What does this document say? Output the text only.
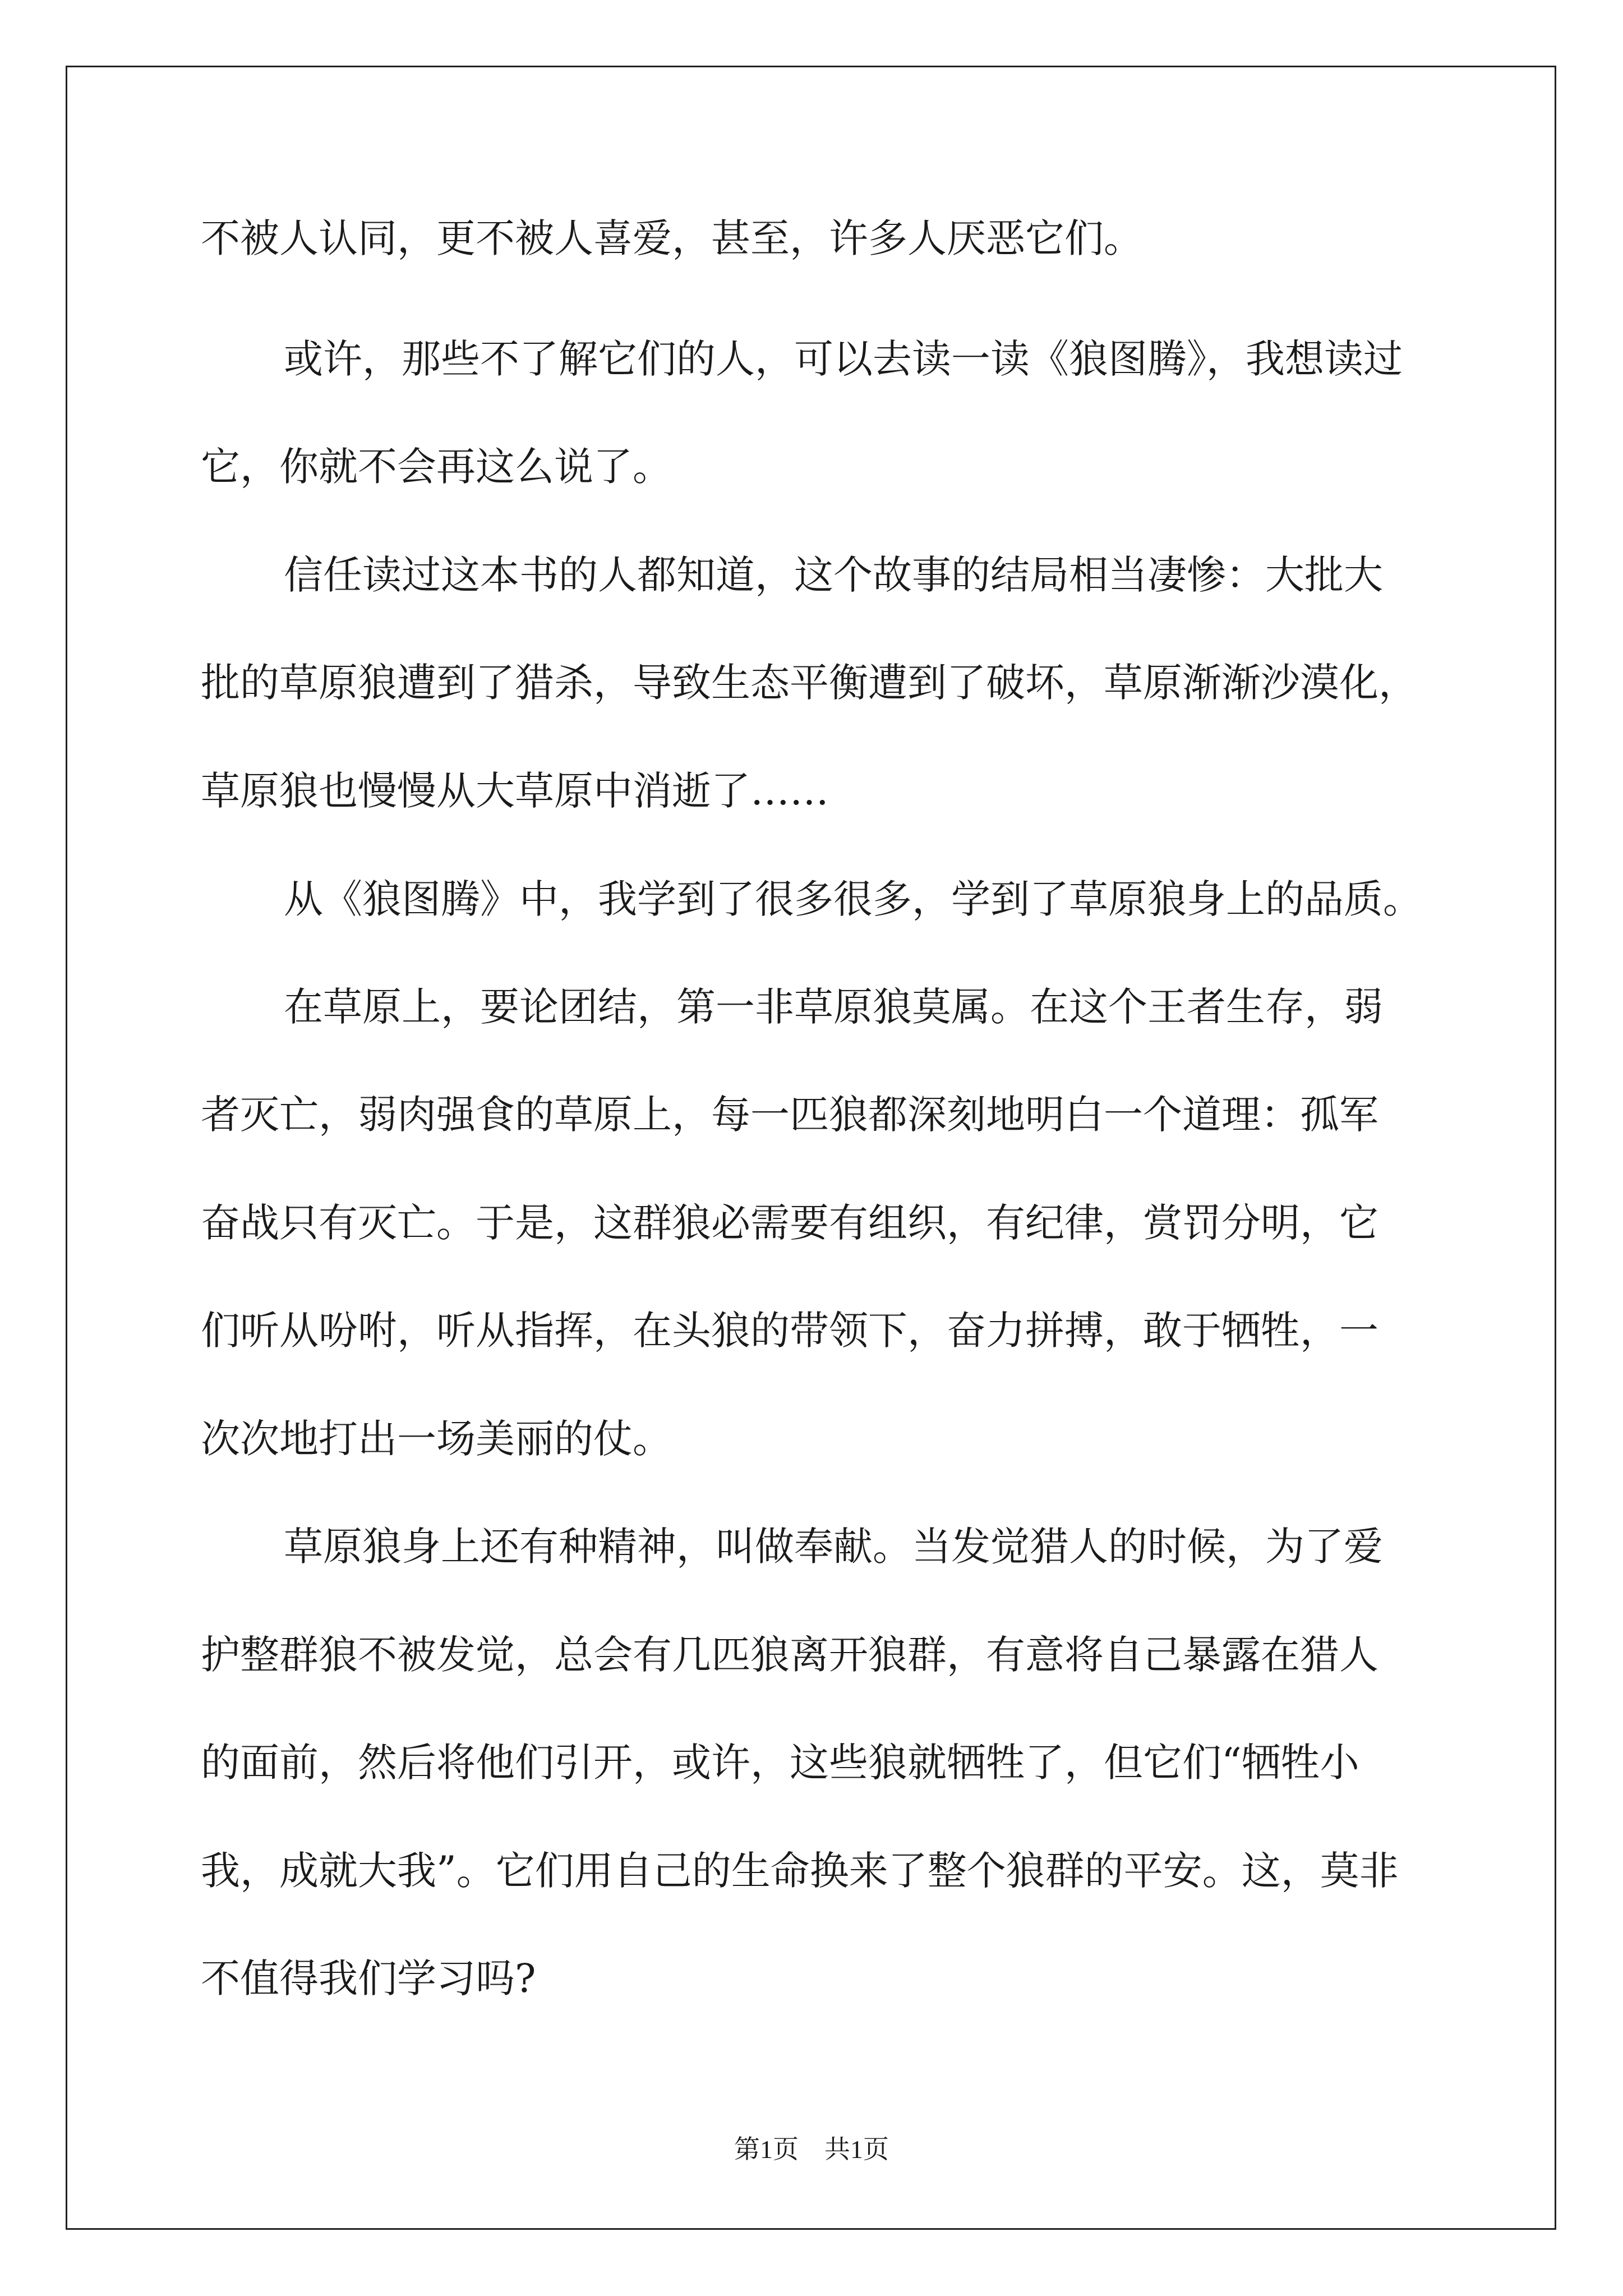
不被人认同，更不被人喜爱，甚至，许多人厌恶它们。
或许，那些不了解它们的人，可以去读一读《狼图腾》，我想读过
它，你就不会再这么说了。
信任读过这本书的人都知道，这个故事的结局相当凄惨：大批大
批的草原狼遭到了猎杀，导致生态平衡遭到了破坏，草原渐渐沙漠化，
草原狼也慢慢从大草原中消逝了……
从《狼图腾》中，我学到了很多很多，学到了草原狼身上的品质。
在草原上，要论团结，第一非草原狼莫属。在这个王者生存，弱
者灭亡，弱肉强食的草原上，每一匹狼都深刻地明白一个道理：孤军
奋战只有灭亡。于是，这群狼必需要有组织，有纪律，赏罚分明，它
们听从吩咐，听从指挥，在头狼的带领下，奋力拼搏，敢于牺牲，一
次次地打出一场美丽的仗。
草原狼身上还有种精神，叫做奉献。当发觉猎人的时候，为了爱
护整群狼不被发觉，总会有几匹狼离开狼群，有意将自己暴露在猎人
的面前，然后将他们引开，或许，这些狼就牺牲了，但它们“牺牲小
我，成就大我”。它们用自己的生命换来了整个狼群的平安。这，莫非
不值得我们学习吗?
第1页　共1页
